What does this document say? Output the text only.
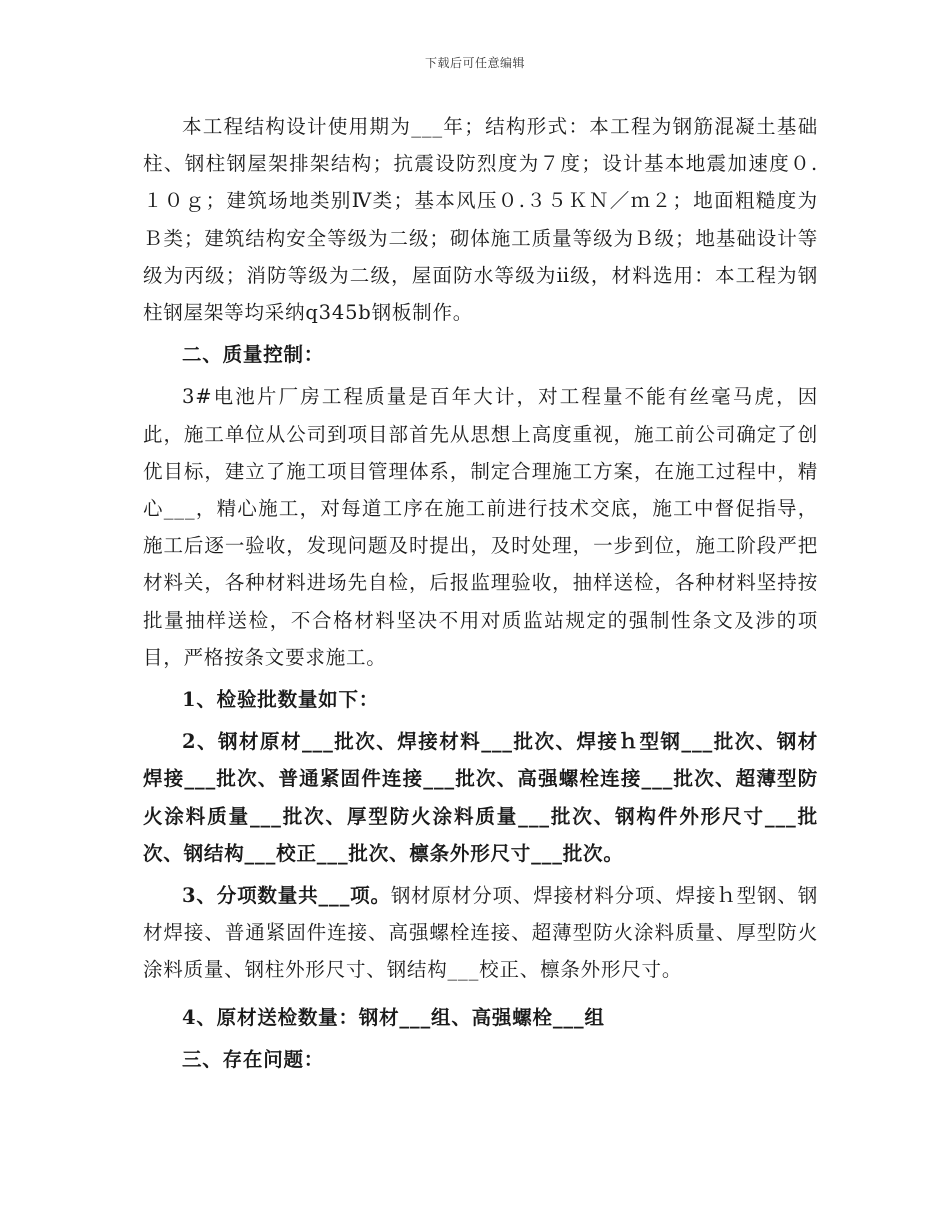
下载后可任意编辑

本工程结构设计使用期为___年；结构形式：本工程为钢筋混凝土基础柱、钢柱钢屋架排架结构；抗震设防烈度为７度；设计基本地震加速度０.１０ｇ；建筑场地类别Ⅳ类；基本风压０.３５ＫＮ／ｍ２；地面粗糙度为Ｂ类；建筑结构安全等级为二级；砌体施工质量等级为Ｂ级；地基础设计等级为丙级；消防等级为二级，屋面防水等级为ⅱ级，材料选用：本工程为钢柱钢屋架等均采纳q345b钢板制作。

二、质量控制：

3#电池片厂房工程质量是百年大计，对工程量不能有丝毫马虎，因此，施工单位从公司到项目部首先从思想上高度重视，施工前公司确定了创优目标，建立了施工项目管理体系，制定合理施工方案，在施工过程中，精心___，精心施工，对每道工序在施工前进行技术交底，施工中督促指导，施工后逐一验收，发现问题及时提出，及时处理，一步到位，施工阶段严把材料关，各种材料进场先自检，后报监理验收，抽样送检，各种材料坚持按批量抽样送检，不合格材料坚决不用对质监站规定的强制性条文及涉的项目，严格按条文要求施工。

1、检验批数量如下：

2、钢材原材___批次、焊接材料___批次、焊接ｈ型钢___批次、钢材焊接___批次、普通紧固件连接___批次、高强螺栓连接___批次、超薄型防火涂料质量___批次、厚型防火涂料质量___批次、钢构件外形尺寸___批次、钢结构___校正___批次、檩条外形尺寸___批次。

3、分项数量共___项。钢材原材分项、焊接材料分项、焊接ｈ型钢、钢材焊接、普通紧固件连接、高强螺栓连接、超薄型防火涂料质量、厚型防火涂料质量、钢柱外形尺寸、钢结构___校正、檩条外形尺寸。

4、原材送检数量：钢材___组、高强螺栓___组

三、存在问题：
